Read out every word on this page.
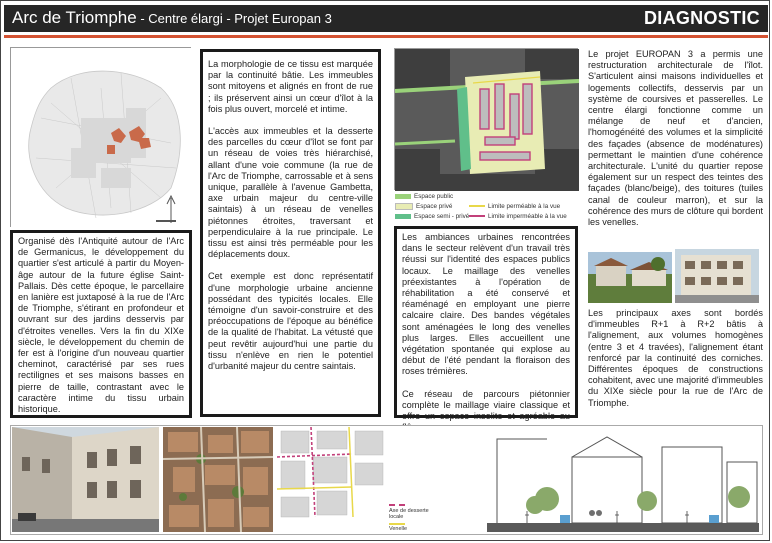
Arc de Triomphe - Centre élargi - Projet Europan 3	DIAGNOSTIC

Organisé dès l'Antiquité autour de l'Arc de Germanicus, le développement du quartier s'est articulé à partir du Moyen-âge autour de la future église Saint-Pallais. Dès cette époque, le parcellaire en lanière est juxtaposé à la rue de l'Arc de Triomphe, s'étirant en profondeur et ouvrant sur des jardins desservis par d'étroites venelles. Vers la fin du XIXe siècle, le développement du chemin de fer est à l'origine d'un nouveau quartier cheminot, caractérisé par ses rues rectilignes et ses maisons basses en pierre de taille, contrastant avec le caractère intime du tissu urbain historique.

La morphologie de ce tissu est marquée par la continuité bâtie. Les immeubles sont mitoyens et alignés en front de rue ; ils préservent ainsi un cœur d'îlot à la fois plus ouvert, morcelé et intime.

L'accès aux immeubles et la desserte des parcelles du cœur d'îlot se font par un réseau de voies très hiérarchisé, allant d'une voie commune (la rue de l'Arc de Triomphe, carrossable et à sens unique, parallèle à l'avenue Gambetta, axe urbain majeur du centre-ville saintais) à un réseau de venelles piétonnes étroites, traversant et perpendiculaire à la rue principale. Le tissu est ainsi très perméable pour les déplacements doux.

Cet exemple est donc représentatif d'une morphologie urbaine ancienne possédant des typicités locales. Elle témoigne d'un savoir-construire et des préoccupations de l'époque au bénéfice de la qualité de l'habitat. La vétusté que peut revêtir aujourd'hui une partie du tissu n'enlève en rien le potentiel d'urbanité majeur du centre saintais.

Espace public
Espace privé
Espace semi - privé
Limite perméable à la vue
Limite imperméable à la vue

Les ambiances urbaines rencontrées dans le secteur relèvent d'un travail très réussi sur l'identité des espaces publics locaux. Le maillage des venelles préexistantes à l'opération de réhabilitation a été conservé et réaménagé en employant une pierre calcaire claire. Des bandes végétales sont aménagées le long des venelles plus larges. Elles accueillent une végétation spontanée qui explose au début de l'été pendant la floraison des roses trémières.

Ce réseau de parcours piétonnier complète le maillage viaire classique et offre un espace insolite et agréable au

Le projet EUROPAN 3 a permis une restructuration architecturale de l'îlot. S'articulent ainsi maisons individuelles et logements collectifs, desservis par un système de coursives et passerelles. Le centre élargi fonctionne comme un mélange de neuf et d'ancien, l'homogénéité des volumes et la simplicité des façades (absence de modénatures) permettant le maintien d'une cohérence architecturale. L'unité du quartier repose également sur un respect des teintes des façades (blanc/beige), des toitures (tuiles canal de couleur marron), et sur la cohérence des murs de clôture qui bordent les venelles.

Les principaux axes sont bordés d'immeubles R+1 à R+2 bâtis à l'alignement, aux volumes homogènes (entre 3 et 4 travées), l'alignement étant renforcé par la continuité des corniches. Différentes époques de constructions cohabitent, avec une majorité d'immeubles du XIXe siècle pour la rue de l'Arc de Triomphe.

Axe de desserte locale
Venelle
